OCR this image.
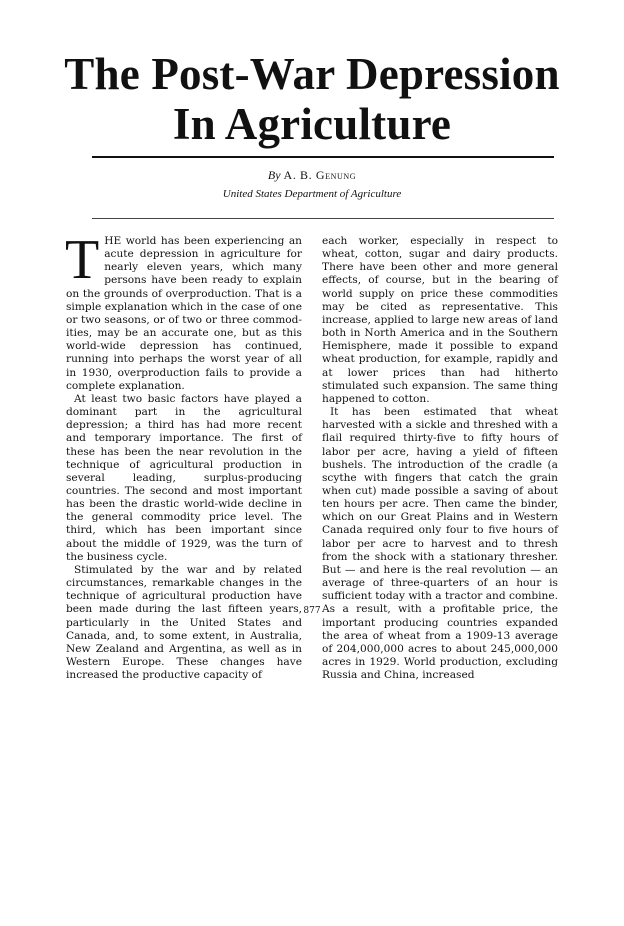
The Post-War Depression
In Agriculture
By A. B. Genung
United States Department of Agriculture

THE world has been experiencing an acute depression in agriculture for nearly eleven years, which many persons have been ready to explain on the grounds of overproduction. That is a simple explanation which in the case of one or two seasons, or of two or three commodities, may be an accurate one, but as this world-wide depression has continued, running into perhaps the worst year of all in 1930, overproduction fails to provide a complete explanation.

At least two basic factors have played a dominant part in the agricultural depression; a third has had more recent and temporary importance. The first of these has been the near revolution in the technique of agricultural production in several leading, surplus-producing countries. The second and most important has been the drastic world-wide decline in the general commodity price level. The third, which has been important since about the middle of 1929, was the turn of the business cycle.

Stimulated by the war and by related circumstances, remarkable changes in the technique of agricultural production have been made during the last fifteen years, particularly in the United States and Canada, and, to some extent, in Australia, New Zealand and Argentina, as well as in Western Europe. These changes have increased the productive capacity of

each worker, especially in respect to wheat, cotton, sugar and dairy products. There have been other and more general effects, of course, but in the bearing of world supply on price these commodities may be cited as representative. This increase, applied to large new areas of land both in North America and in the Southern Hemisphere, made it possible to expand wheat production, for example, rapidly and at lower prices than had hitherto stimulated such expansion. The same thing happened to cotton.

It has been estimated that wheat harvested with a sickle and threshed with a flail required thirty-five to fifty hours of labor per acre, having a yield of fifteen bushels. The introduction of the cradle (a scythe with fingers that catch the grain when cut) made possible a saving of about ten hours per acre. Then came the binder, which on our Great Plains and in Western Canada required only four to five hours of labor per acre to harvest and to thresh from the shock with a stationary thresher. But — and here is the real revolution — an average of three-quarters of an hour is sufficient today with a tractor and combine. As a result, with a profitable price, the important producing countries expanded the area of wheat from a 1909-13 average of 204,000,000 acres to about 245,000,000 acres in 1929. World production, excluding Russia and China, increased

877
